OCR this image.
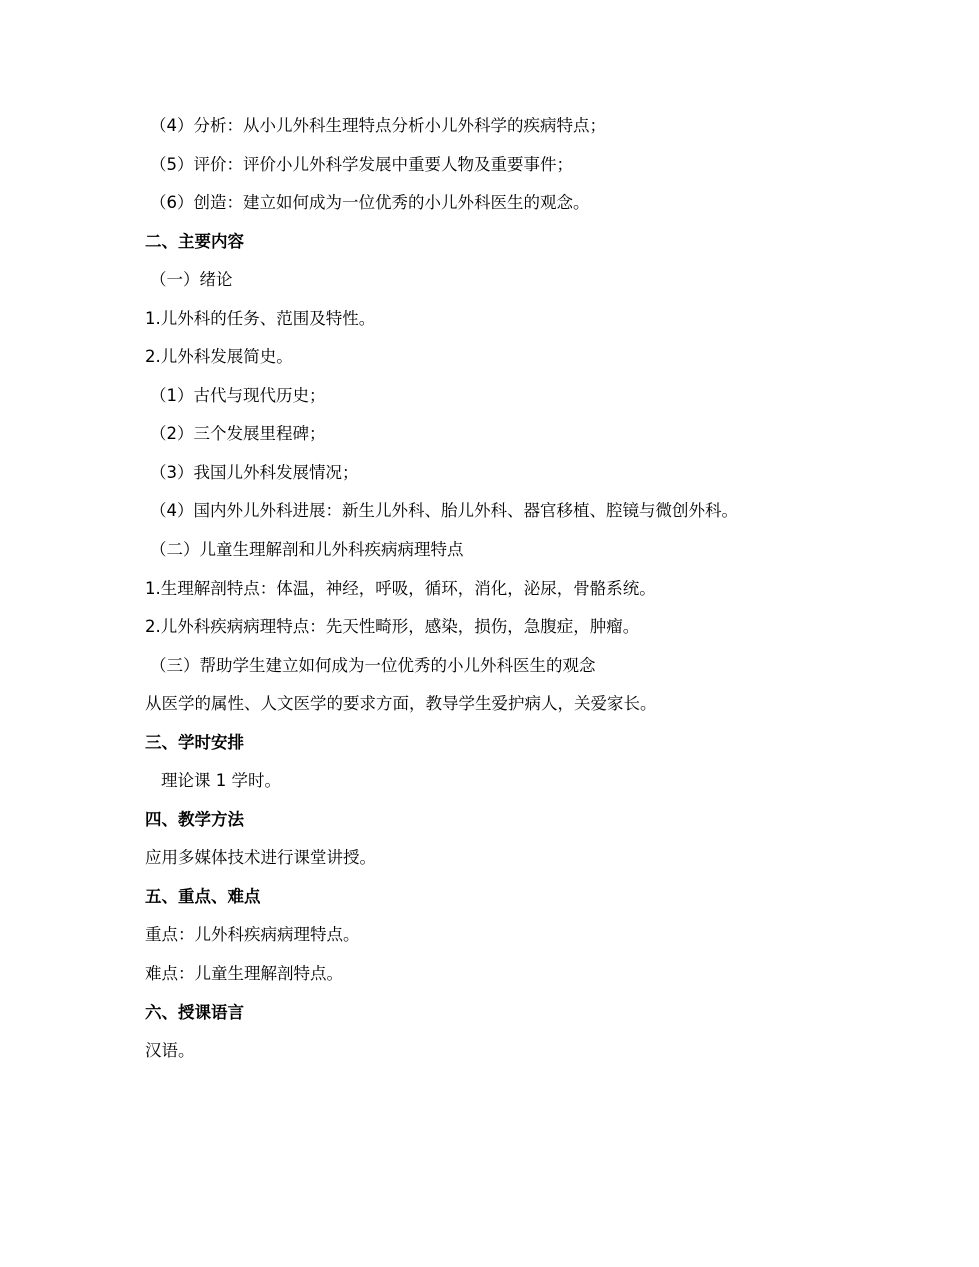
（4）分析：从小儿外科生理特点分析小儿外科学的疾病特点；
（5）评价：评价小儿外科学发展中重要人物及重要事件；
（6）创造：建立如何成为一位优秀的小儿外科医生的观念。
二、主要内容
（一）绪论
1.儿外科的任务、范围及特性。
2.儿外科发展简史。
（1）古代与现代历史；
（2）三个发展里程碑；
（3）我国儿外科发展情况；
（4）国内外儿外科进展：新生儿外科、胎儿外科、器官移植、腔镜与微创外科。
（二）儿童生理解剖和儿外科疾病病理特点
1.生理解剖特点：体温，神经，呼吸，循环，消化，泌尿，骨骼系统。
2.儿外科疾病病理特点：先天性畸形，感染，损伤，急腹症，肿瘤。
（三）帮助学生建立如何成为一位优秀的小儿外科医生的观念
从医学的属性、人文医学的要求方面，教导学生爱护病人，关爱家长。
三、学时安排
理论课 1 学时。
四、教学方法
应用多媒体技术进行课堂讲授。
五、重点、难点
重点：儿外科疾病病理特点。
难点：儿童生理解剖特点。
六、授课语言
汉语。
